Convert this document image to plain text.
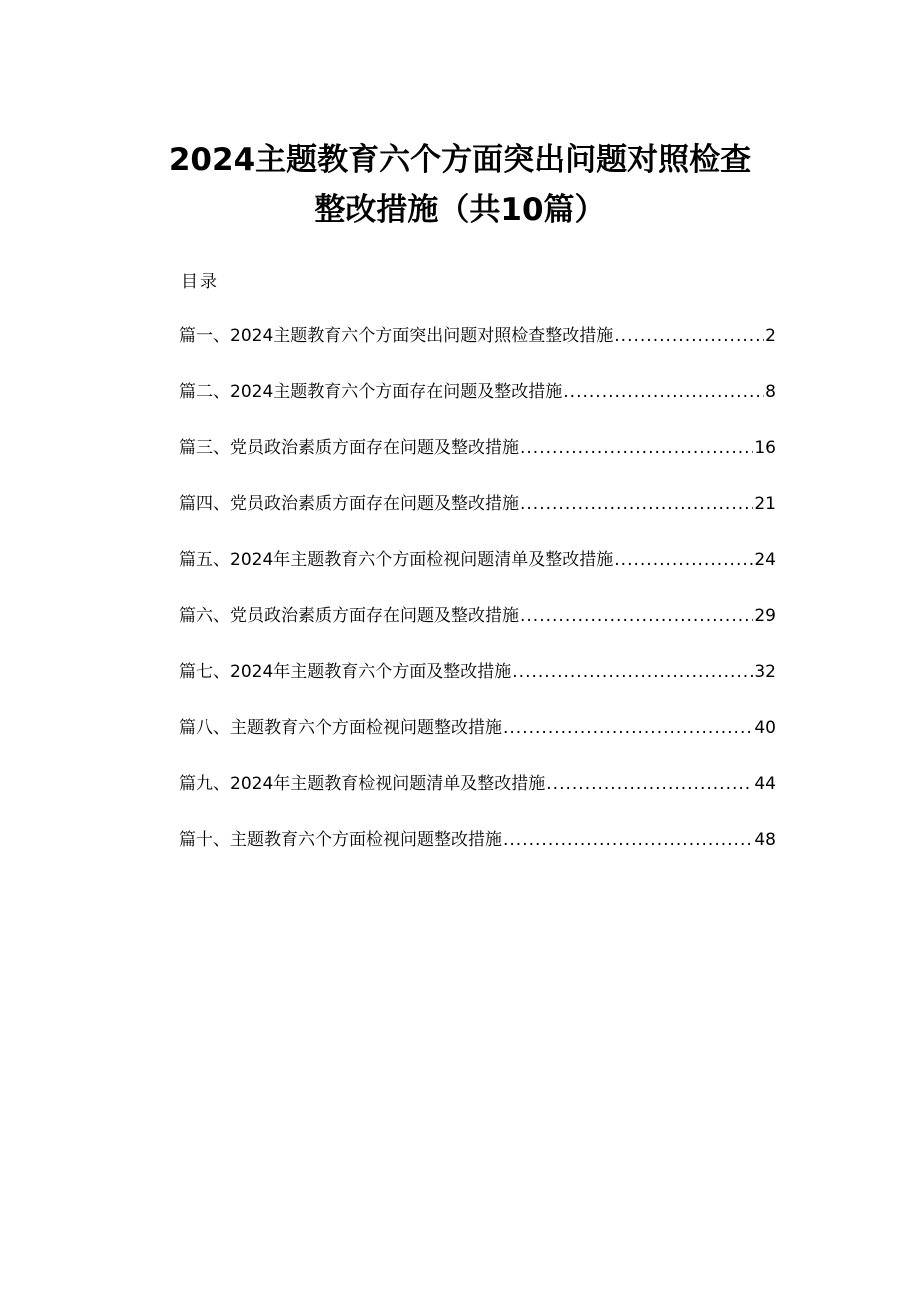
2024主题教育六个方面突出问题对照检查
整改措施（共10篇）
目录
篇一、2024主题教育六个方面突出问题对照检查整改措施 .....	2
篇二、2024主题教育六个方面存在问题及整改措施 .....	8
篇三、党员政治素质方面存在问题及整改措施 .....	16
篇四、党员政治素质方面存在问题及整改措施 .....	21
篇五、2024年主题教育六个方面检视问题清单及整改措施 .....	24
篇六、党员政治素质方面存在问题及整改措施 .....	29
篇七、2024年主题教育六个方面及整改措施 .....	32
篇八、主题教育六个方面检视问题整改措施 .....	40
篇九、2024年主题教育检视问题清单及整改措施 .....	44
篇十、主题教育六个方面检视问题整改措施 .....	48
